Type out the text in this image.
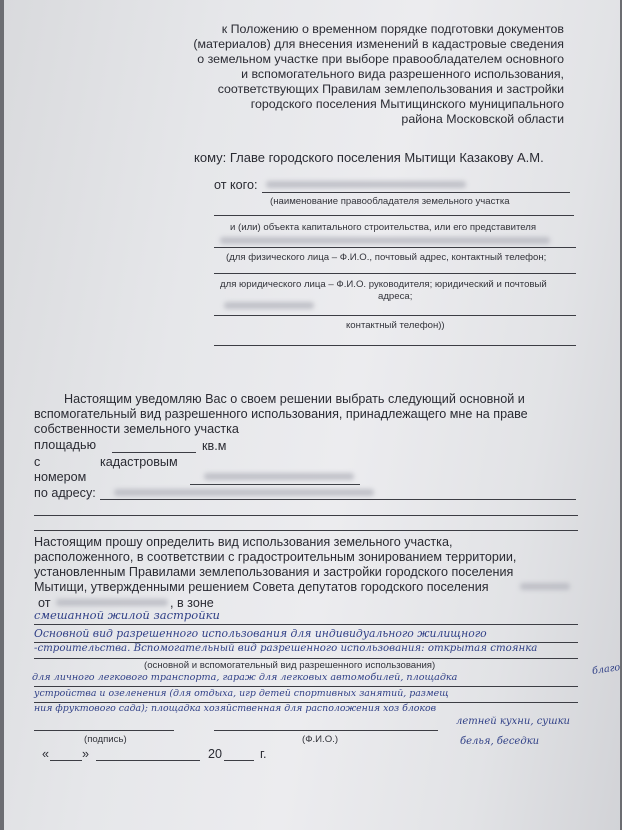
к Положению о временном порядке подготовки документов
(материалов) для внесения изменений в кадастровые сведения
о земельном участке при выборе правообладателем основного
и вспомогательного вида разрешенного использования,
соответствующих Правилам землепользования и застройки
городского поселения Мытищинского муниципального
района Московской области
кому: Главе городского поселения Мытищи Казакову А.М.
от кого:
(наименование правообладателя земельного участка
и (или) объекта капитального строительства, или его представителя
(для физического лица – Ф.И.О., почтовый адрес, контактный телефон;
для юридического лица – Ф.И.О. руководителя; юридический и почтовый
адреса;
контактный телефон))
Настоящим уведомляю Вас о своем решении выбрать следующий основной и
вспомогательный вид разрешенного использования, принадлежащего мне на праве
собственности земельного участка
площадью	кв.м
с	кадастровым
номером
по адресу:
Настоящим прошу определить вид использования земельного участка,
расположенного, в соответствии с градостроительным зонированием территории,
установленным Правилами землепользования и застройки городского поселения
Мытищи, утвержденными решением Совета депутатов городского поселения
от	, в зоне
смешанной жилой застройки
Основной вид разрешенного использования для индивидуального жилищного
-строительства. Вспомогательный вид разрешенного использования: открытая стоянка
(основной и вспомогательный вид разрешенного использования)
для личного легкового транспорта, гараж для легковых автомобилей, площадка
благо
устройства и озеленения (для отдыха, игр детей спортивных занятий, размещ
ния фруктового сада); площадка хозяйственная для расположения хоз блоков
летней кухни, сушки
(подпись)	(Ф.И.О.)	белья, беседки
«	»	20	г.
